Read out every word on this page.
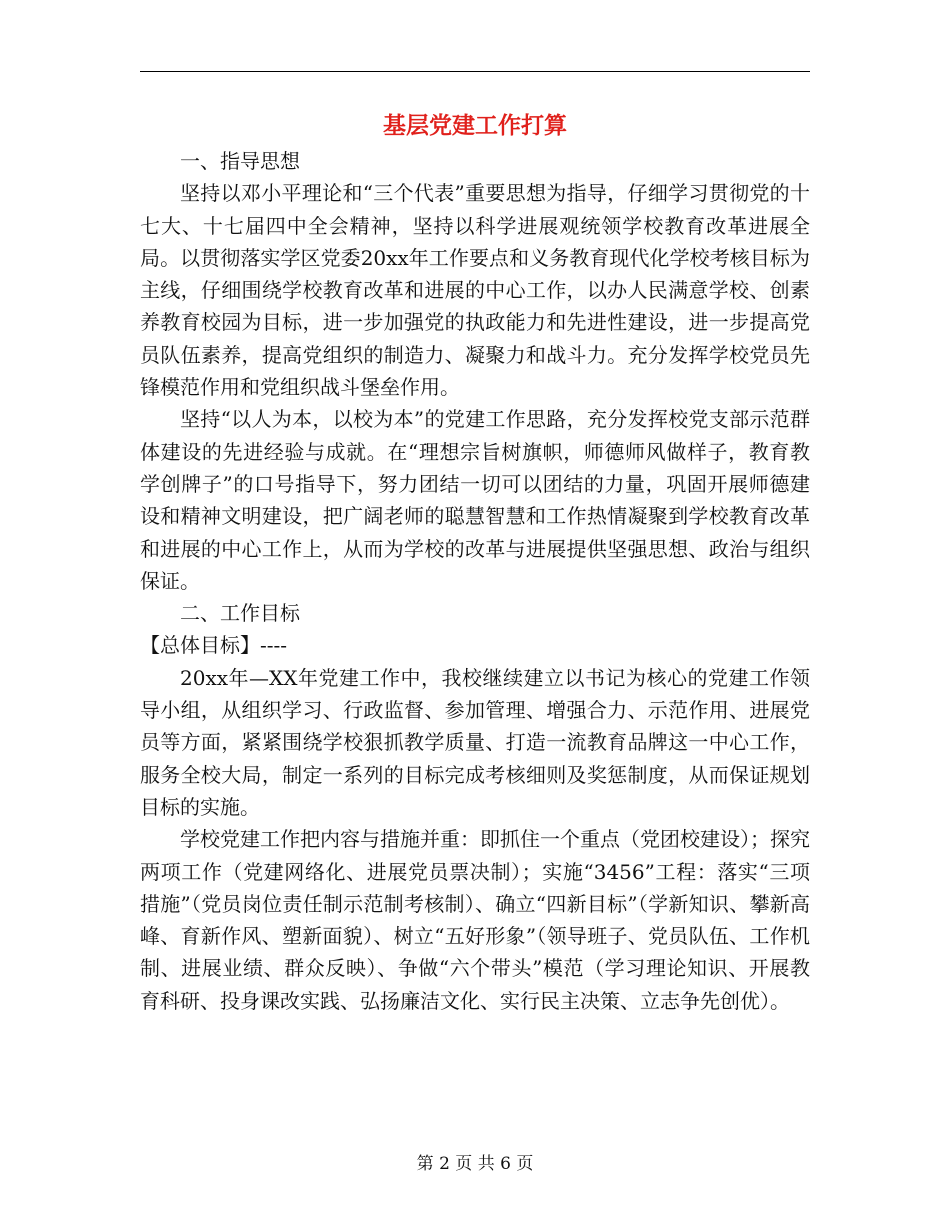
基层党建工作打算

一、指导思想

坚持以邓小平理论和“三个代表”重要思想为指导，仔细学习贯彻党的十七大、十七届四中全会精神，坚持以科学进展观统领学校教育改革进展全局。以贯彻落实学区党委20xx年工作要点和义务教育现代化学校考核目标为主线，仔细围绕学校教育改革和进展的中心工作，以办人民满意学校、创素养教育校园为目标，进一步加强党的执政能力和先进性建设，进一步提高党员队伍素养，提高党组织的制造力、凝聚力和战斗力。充分发挥学校党员先锋模范作用和党组织战斗堡垒作用。

坚持“以人为本，以校为本”的党建工作思路，充分发挥校党支部示范群体建设的先进经验与成就。在“理想宗旨树旗帜，师德师风做样子，教育教学创牌子”的口号指导下，努力团结一切可以团结的力量，巩固开展师德建设和精神文明建设，把广阔老师的聪慧智慧和工作热情凝聚到学校教育改革和进展的中心工作上，从而为学校的改革与进展提供坚强思想、政治与组织保证。

二、工作目标

【总体目标】----

20xx年—XX年党建工作中，我校继续建立以书记为核心的党建工作领导小组，从组织学习、行政监督、参加管理、增强合力、示范作用、进展党员等方面，紧紧围绕学校狠抓教学质量、打造一流教育品牌这一中心工作，服务全校大局，制定一系列的目标完成考核细则及奖惩制度，从而保证规划目标的实施。

学校党建工作把内容与措施并重：即抓住一个重点（党团校建设）；探究两项工作（党建网络化、进展党员票决制）；实施“3456”工程：落实“三项措施”（党员岗位责任制示范制考核制）、确立“四新目标”（学新知识、攀新高峰、育新作风、塑新面貌）、树立“五好形象”（领导班子、党员队伍、工作机制、进展业绩、群众反映）、争做“六个带头”模范（学习理论知识、开展教育科研、投身课改实践、弘扬廉洁文化、实行民主决策、立志争先创优）。

第 2 页 共 6 页
